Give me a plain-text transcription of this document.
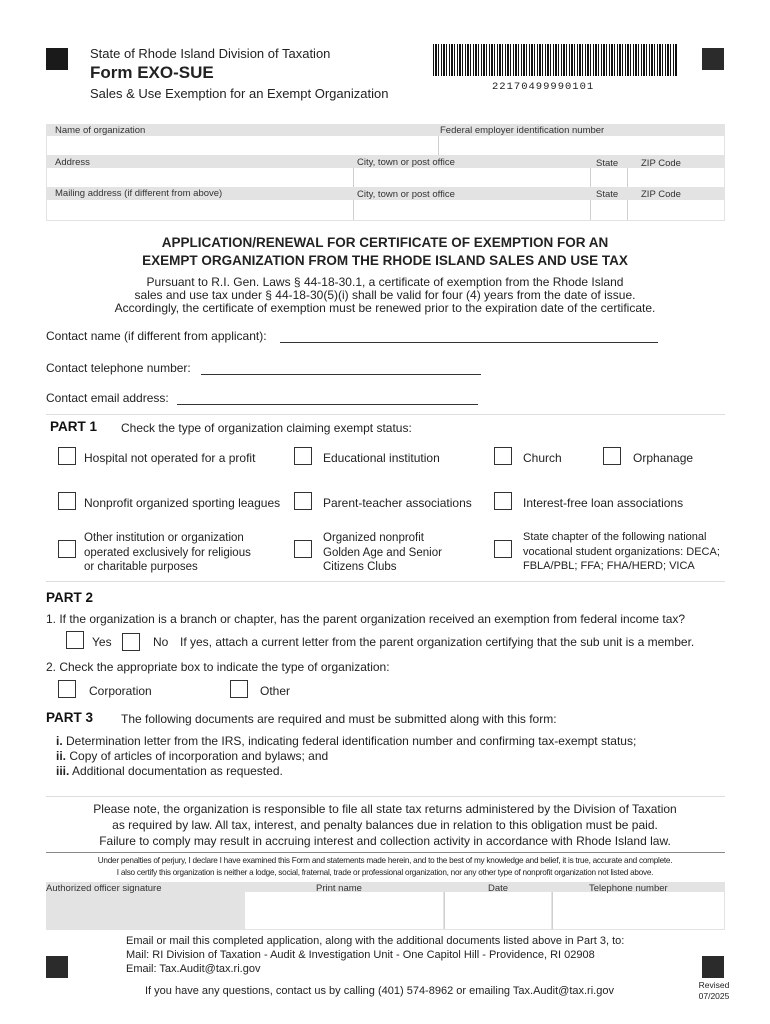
State of Rhode Island Division of Taxation
Form EXO-SUE
Sales & Use Exemption for an Exempt Organization	22170499990101
Name of organization	Federal employer identification number
Address	City, town or post office	State ZIP Code
Mailing address (if different from above)	City, town or post office	State ZIP Code
APPLICATION/RENEWAL FOR CERTIFICATE OF EXEMPTION FOR AN
EXEMPT ORGANIZATION FROM THE RHODE ISLAND SALES AND USE TAX
Pursuant to R.I. Gen. Laws § 44-18-30.1, a certificate of exemption from the Rhode Island
sales and use tax under § 44-18-30(5)(i) shall be valid for four (4) years from the date of issue.
Accordingly, the certificate of exemption must be renewed prior to the expiration date of the certificate.
Contact name (if different from applicant):
Contact telephone number:
Contact email address:
PART 1 Check the type of organization claiming exempt status:
Hospital not operated for a profit	Educational institution	Church	Orphanage
Nonprofit organized sporting leagues	Parent-teacher associations	Interest-free loan associations
Other institution or organization
operated exclusively for religious
or charitable purposes
Organized nonprofit
Golden Age and Senior
Citizens Clubs
State chapter of the following national
vocational student organizations: DECA;
FBLA/PBL; FFA; FHA/HERD; VICA
PART 2
1. If the organization is a branch or chapter, has the parent organization received an exemption from federal income tax?
Yes	No If yes, attach a current letter from the parent organization certifying that the sub unit is a member.
2. Check the appropriate box to indicate the type of organization:
Corporation	Other
PART 3 The following documents are required and must be submitted along with this form:
i. Determination letter from the IRS, indicating federal identification number and confirming tax-exempt status;
ii. Copy of articles of incorporation and bylaws; and
iii. Additional documentation as requested.
Please note, the organization is responsible to file all state tax returns administered by the Division of Taxation
as required by law. All tax, interest, and penalty balances due in relation to this obligation must be paid.
Failure to comply may result in accruing interest and collection activity in accordance with Rhode Island law.
Under penalties of perjury, I declare I have examined this Form and statements made herein, and to the best of my knowledge and belief, it is true, accurate and complete.
I also certify this organization is neither a lodge, social, fraternal, trade or professional organization, nor any other type of nonprofit organization not listed above.
Authorized officer signature	Print name	Date	Telephone number
Email or mail this completed application, along with the additional documents listed above in Part 3, to:
Mail: RI Division of Taxation - Audit & Investigation Unit - One Capitol Hill - Providence, RI 02908
Email: Tax.Audit@tax.ri.gov
If you have any questions, contact us by calling (401) 574-8962 or emailing Tax.Audit@tax.ri.gov	Revised
07/2025
